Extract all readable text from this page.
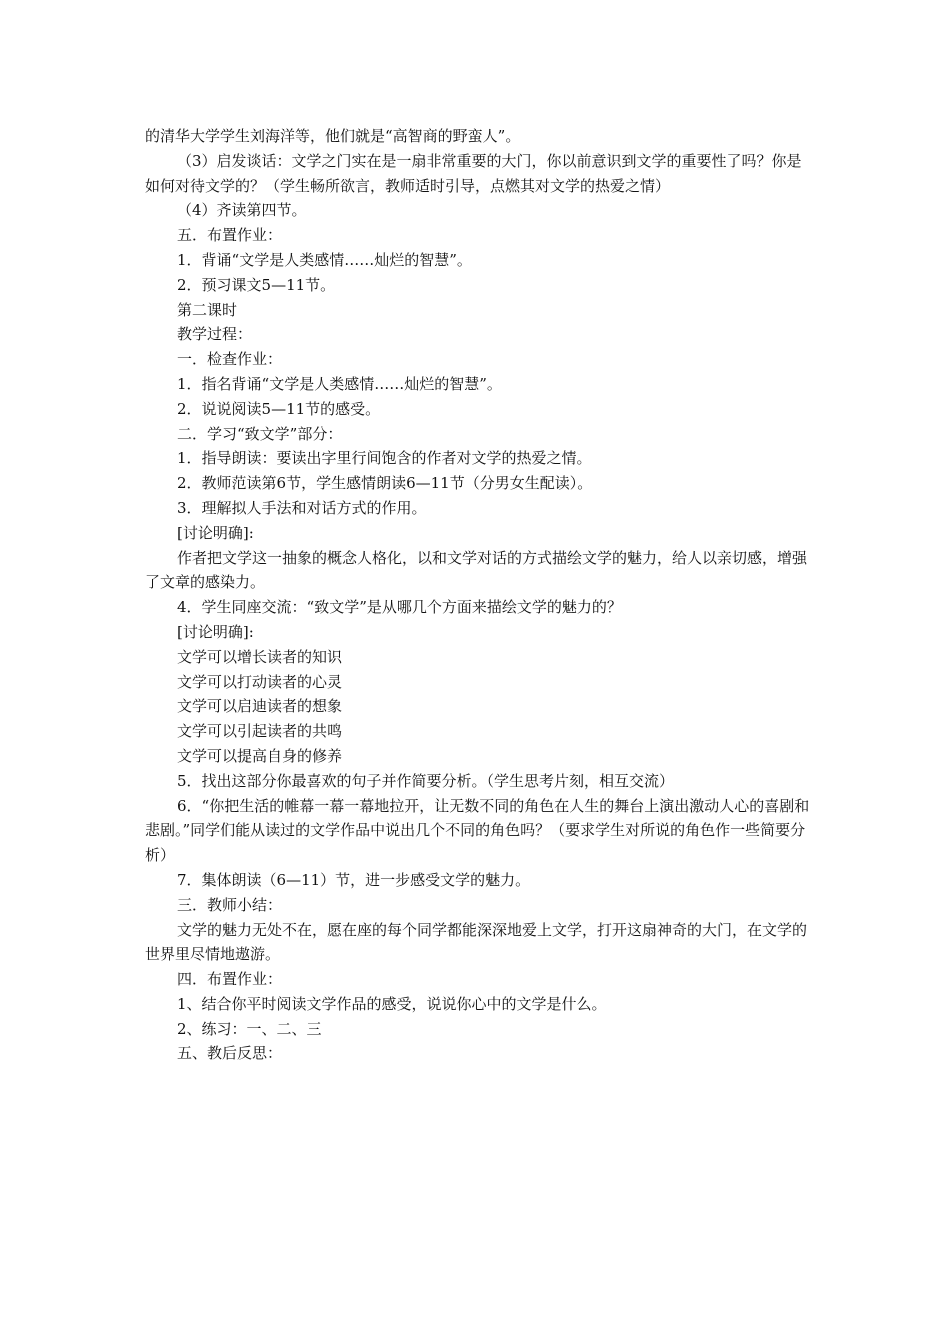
的清华大学学生刘海洋等，他们就是“高智商的野蛮人”。

（3）启发谈话：文学之门实在是一扇非常重要的大门，你以前意识到文学的重要性了吗？你是如何对待文学的？（学生畅所欲言，教师适时引导，点燃其对文学的热爱之情）

（4）齐读第四节。

五．布置作业：

1．背诵“文学是人类感情……灿烂的智慧”。

2．预习课文5—11节。

第二课时

教学过程：

一．检查作业：

1．指名背诵“文学是人类感情……灿烂的智慧”。

2．说说阅读5—11节的感受。

二．学习“致文学”部分：

1．指导朗读：要读出字里行间饱含的作者对文学的热爱之情。

2．教师范读第6节，学生感情朗读6—11节（分男女生配读）。

3．理解拟人手法和对话方式的作用。

[讨论明确]:

作者把文学这一抽象的概念人格化，以和文学对话的方式描绘文学的魅力，给人以亲切感，增强了文章的感染力。

4．学生同座交流：“致文学”是从哪几个方面来描绘文学的魅力的？

[讨论明确]:

文学可以增长读者的知识

文学可以打动读者的心灵

文学可以启迪读者的想象

文学可以引起读者的共鸣

文学可以提高自身的修养

5．找出这部分你最喜欢的句子并作简要分析。（学生思考片刻，相互交流）

6．“你把生活的帷幕一幕一幕地拉开，让无数不同的角色在人生的舞台上演出激动人心的喜剧和悲剧。”同学们能从读过的文学作品中说出几个不同的角色吗？（要求学生对所说的角色作一些简要分析）

7．集体朗读（6—11）节，进一步感受文学的魅力。

三．教师小结：

文学的魅力无处不在，愿在座的每个同学都能深深地爱上文学，打开这扇神奇的大门，在文学的世界里尽情地遨游。

四．布置作业：

1、结合你平时阅读文学作品的感受，说说你心中的文学是什么。

2、练习：一、二、三

五、教后反思：
